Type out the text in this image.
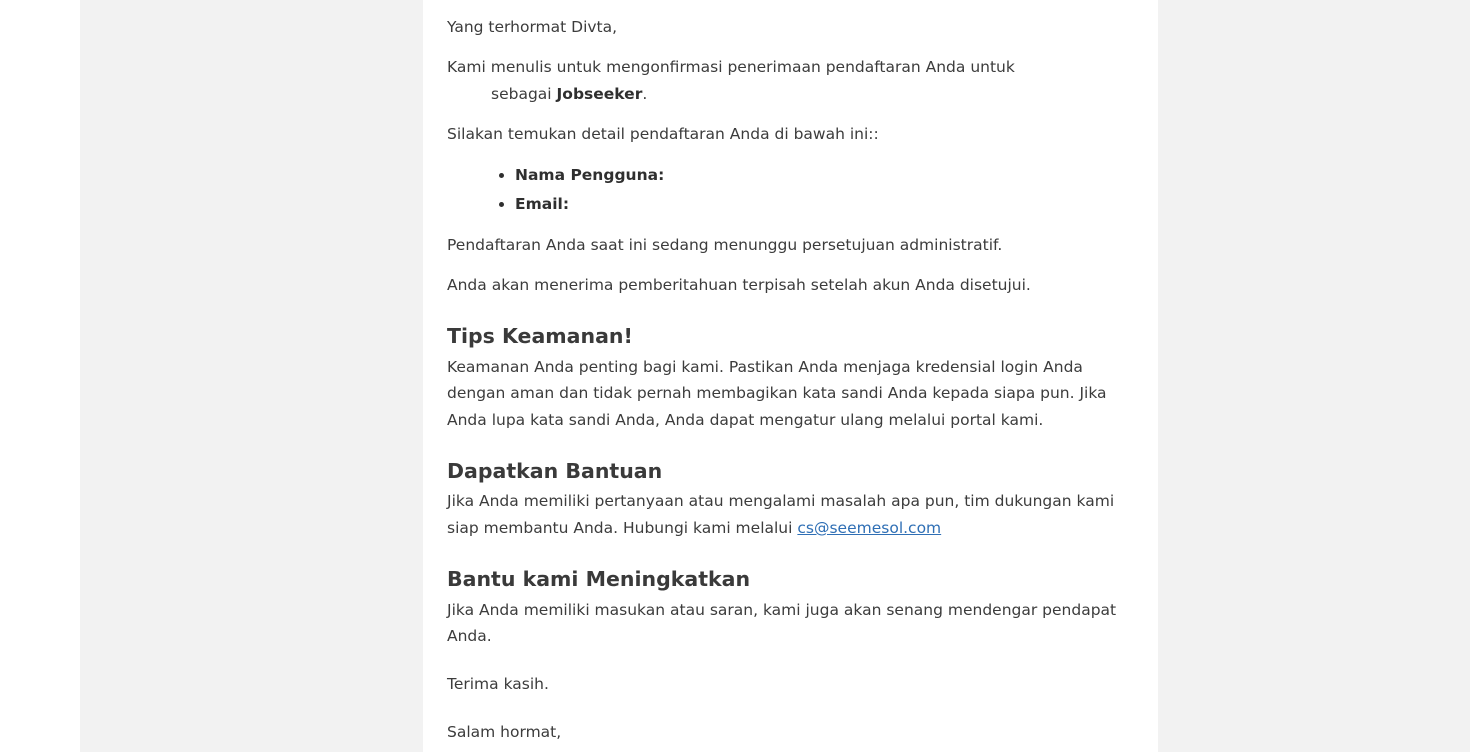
Yang terhormat Divta,

Kami menulis untuk mengonfirmasi penerimaan pendaftaran Anda untuk
sebagai Jobseeker.

Silakan temukan detail pendaftaran Anda di bawah ini::

• Nama Pengguna:
• Email:

Pendaftaran Anda saat ini sedang menunggu persetujuan administratif.

Anda akan menerima pemberitahuan terpisah setelah akun Anda disetujui.

Tips Keamanan!

Keamanan Anda penting bagi kami. Pastikan Anda menjaga kredensial login Anda dengan aman dan tidak pernah membagikan kata sandi Anda kepada siapa pun. Jika Anda lupa kata sandi Anda, Anda dapat mengatur ulang melalui portal kami.

Dapatkan Bantuan

Jika Anda memiliki pertanyaan atau mengalami masalah apa pun, tim dukungan kami siap membantu Anda. Hubungi kami melalui cs@seemesol.com

Bantu kami Meningkatkan

Jika Anda memiliki masukan atau saran, kami juga akan senang mendengar pendapat Anda.

Terima kasih.

Salam hormat,
